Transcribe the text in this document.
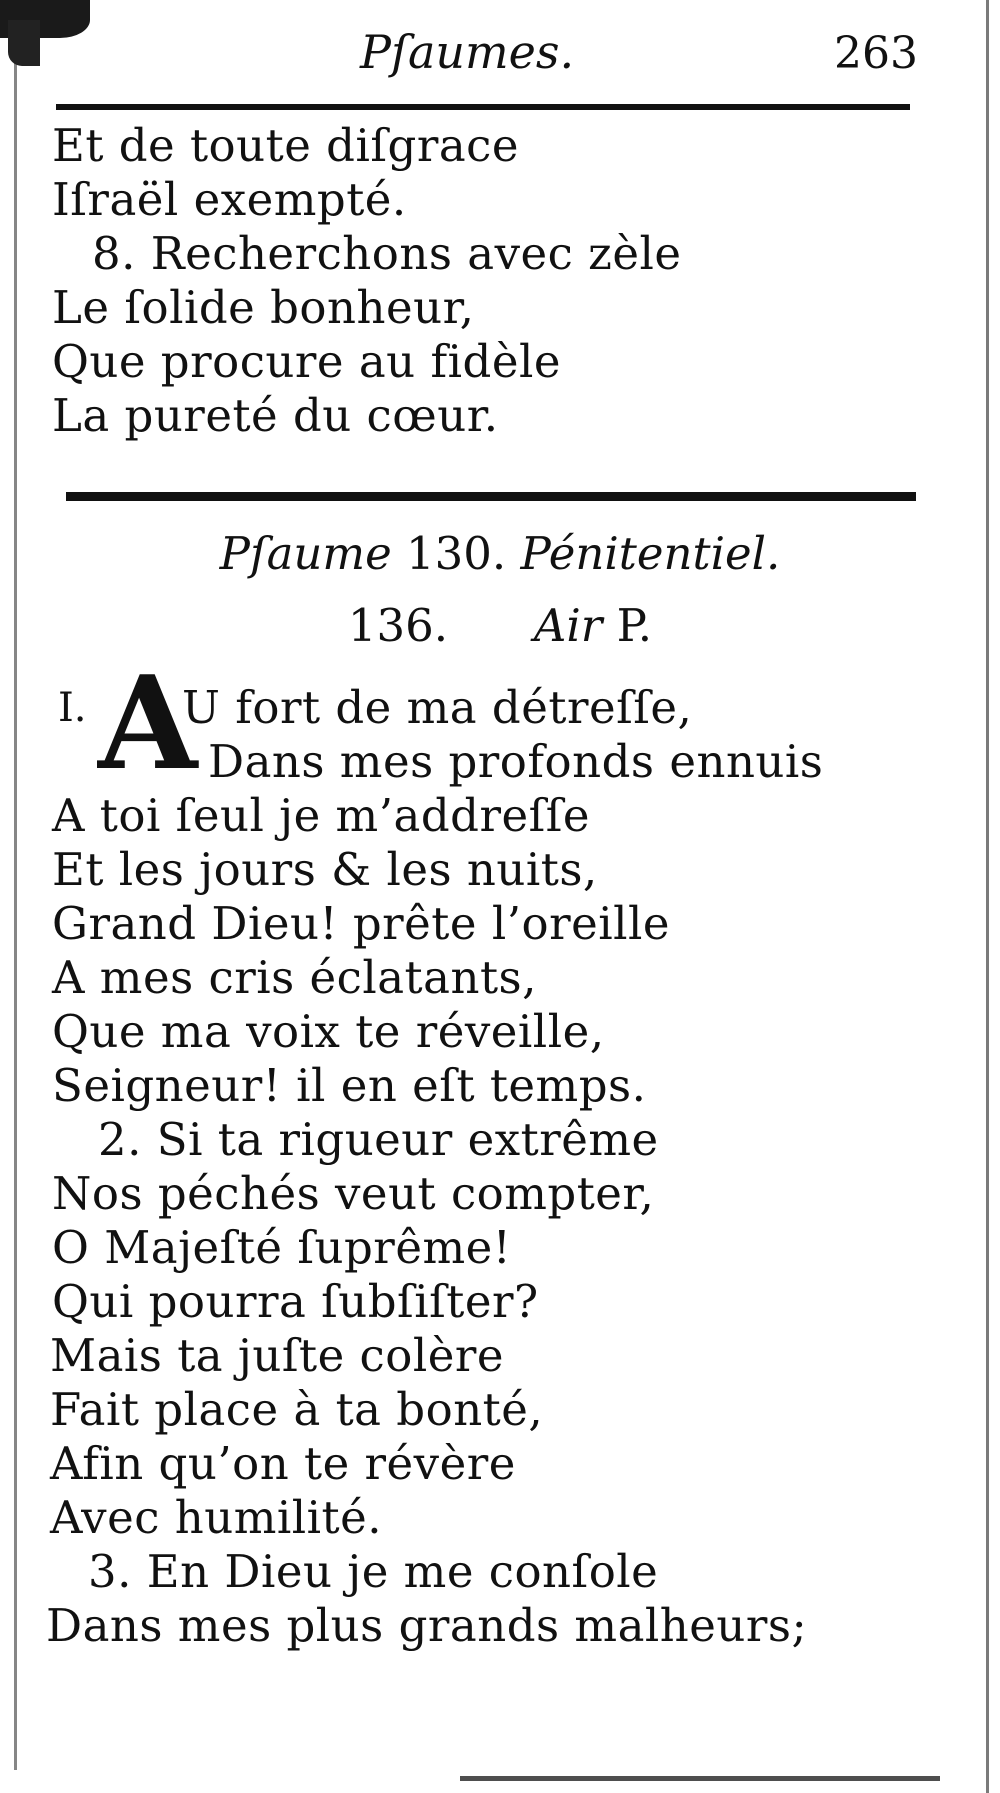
Pſaumes.	263
Et de toute diſgrace
Iſraël exempté.
8. Recherchons avec zèle
Le ſolide bonheur,
Que procure au fidèle
La pureté du cœur.
Pſaume 130. Pénitentiel.
136. Air P.
I. A
U fort de ma détreſſe,
Dans mes profonds ennuis
A toi ſeul je m’addreſſe
Et les jours & les nuits,
Grand Dieu! prête l’oreille
A mes cris éclatants,
Que ma voix te réveille,
Seigneur! il en eſt temps.
2. Si ta rigueur extrême
Nos péchés veut compter,
O Majeſté ſuprême!
Qui pourra ſubſiſter?
Mais ta juſte colère
Fait place à ta bonté,
Afin qu’on te révère
Avec humilité.
3. En Dieu je me conſole
Dans mes plus grands malheurs;
